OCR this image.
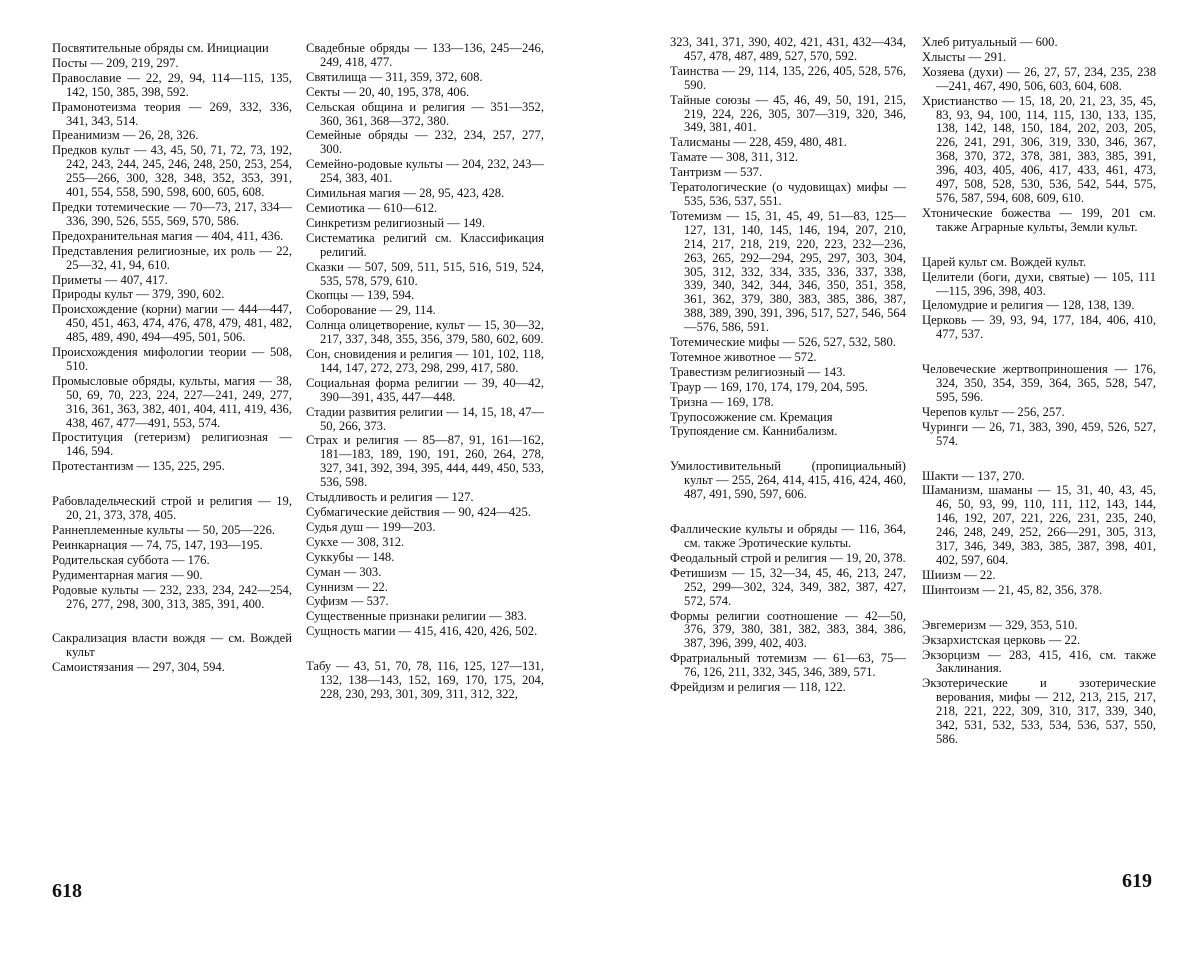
Посвятительные обряды см. Инициации
Посты — 209, 219, 297.
Православие — 22, 29, 94, 114—115, 135, 142, 150, 385, 398, 592.
Прамонотеизма теория — 269, 332, 336, 341, 343, 514.
Преанимизм — 26, 28, 326.
Предков культ — 43, 45, 50, 71, 72, 73, 192, 242, 243, 244, 245, 246, 248, 250, 253, 254, 255—266, 300, 328, 348, 352, 353, 391, 401, 554, 558, 590, 598, 600, 605, 608.
Предки тотемические — 70—73, 217, 334—336, 390, 526, 555, 569, 570, 586.
Предохранительная магия — 404, 411, 436.
Представления религиозные, их роль — 22, 25—32, 41, 94, 610.
Приметы — 407, 417.
Природы культ — 379, 390, 602.
Происхождение (корни) магии — 444—447, 450, 451, 463, 474, 476, 478, 479, 481, 482, 485, 489, 490, 494—495, 501, 506.
Происхождения мифологии теории — 508, 510.
Промысловые обряды, культы, магия — 38, 50, 69, 70, 223, 224, 227—241, 249, 277, 316, 361, 363, 382, 401, 404, 411, 419, 436, 438, 467, 477—491, 553, 574.
Проституция (гетеризм) религиозная — 146, 594.
Протестантизм — 135, 225, 295.
Рабовладельческий строй и религия — 19, 20, 21, 373, 378, 405.
Раннеплеменные культы — 50, 205—226.
Реинкарнация — 74, 75, 147, 193—195.
Родительская суббота — 176.
Рудиментарная магия — 90.
Родовые культы — 232, 233, 234, 242—254, 276, 277, 298, 300, 313, 385, 391, 400.
Сакрализация власти вождя — см. Вождей культ
Самоистязания — 297, 304, 594.
Свадебные обряды — 133—136, 245—246, 249, 418, 477.
Святилища — 311, 359, 372, 608.
Секты — 20, 40, 195, 378, 406.
Сельская община и религия — 351—352, 360, 361, 368—372, 380.
Семейные обряды — 232, 234, 257, 277, 300.
Семейно-родовые культы — 204, 232, 243—254, 383, 401.
Симильная магия — 28, 95, 423, 428.
Семиотика — 610—612.
Синкретизм религиозный — 149.
Систематика религий см. Классификация религий.
Сказки — 507, 509, 511, 515, 516, 519, 524, 535, 578, 579, 610.
Скопцы — 139, 594.
Соборование — 29, 114.
Солнца олицетворение, культ — 15, 30—32, 217, 337, 348, 355, 356, 379, 580, 602, 609.
Сон, сновидения и религия — 101, 102, 118, 144, 147, 272, 273, 298, 299, 417, 580.
Социальная форма религии — 39, 40—42, 390—391, 435, 447—448.
Стадии развития религии — 14, 15, 18, 47—50, 266, 373.
Страх и религия — 85—87, 91, 161—162, 181—183, 189, 190, 191, 260, 264, 278, 327, 341, 392, 394, 395, 444, 449, 450, 533, 536, 598.
Стыдливость и религия — 127.
Субмагические действия — 90, 424—425.
Судья душ — 199—203.
Сукхе — 308, 312.
Суккубы — 148.
Суман — 303.
Суннизм — 22.
Суфизм — 537.
Существенные признаки религии — 383.
Сущность магии — 415, 416, 420, 426, 502.
Табу — 43, 51, 70, 78, 116, 125, 127—131, 132, 138—143, 152, 169, 170, 175, 204, 228, 230, 293, 301, 309, 311, 312, 322,
618
323, 341, 371, 390, 402, 421, 431, 432—434, 457, 478, 487, 489, 527, 570, 592.
Таинства — 29, 114, 135, 226, 405, 528, 576, 590.
Тайные союзы — 45, 46, 49, 50, 191, 215, 219, 224, 226, 305, 307—319, 320, 346, 349, 381, 401.
Талисманы — 228, 459, 480, 481.
Тамате — 308, 311, 312.
Тантризм — 537.
Тератологические (о чудовищах) мифы — 535, 536, 537, 551.
Тотемизм — 15, 31, 45, 49, 51—83, 125—127, 131, 140, 145, 146, 194, 207, 210, 214, 217, 218, 219, 220, 223, 232—236, 263, 265, 292—294, 295, 297, 303, 304, 305, 312, 332, 334, 335, 336, 337, 338, 339, 340, 342, 344, 346, 350, 351, 358, 361, 362, 379, 380, 383, 385, 386, 387, 388, 389, 390, 391, 396, 517, 527, 546, 564—576, 586, 591.
Тотемические мифы — 526, 527, 532, 580.
Тотемное животное — 572.
Травестизм религиозный — 143.
Траур — 169, 170, 174, 179, 204, 595.
Тризна — 169, 178.
Трупосожжение см. Кремация
Трупоядение см. Каннибализм.
Умилостивительный (пропициальный) культ — 255, 264, 414, 415, 416, 424, 460, 487, 491, 590, 597, 606.
Фаллические культы и обряды — 116, 364, см. также Эротические культы.
Феодальный строй и религия — 19, 20, 378.
Фетишизм — 15, 32—34, 45, 46, 213, 247, 252, 299—302, 324, 349, 382, 387, 427, 572, 574.
Формы религии соотношение — 42—50, 376, 379, 380, 381, 382, 383, 384, 386, 387, 396, 399, 402, 403.
Фратриальный тотемизм — 61—63, 75—76, 126, 211, 332, 345, 346, 389, 571.
Фрейдизм и религия — 118, 122.
Хлеб ритуальный — 600.
Хлысты — 291.
Хозяева (духи) — 26, 27, 57, 234, 235, 238—241, 467, 490, 506, 603, 604, 608.
Христианство — 15, 18, 20, 21, 23, 35, 45, 83, 93, 94, 100, 114, 115, 130, 133, 135, 138, 142, 148, 150, 184, 202, 203, 205, 226, 241, 291, 306, 319, 330, 346, 367, 368, 370, 372, 378, 381, 383, 385, 391, 396, 403, 405, 406, 417, 433, 461, 473, 497, 508, 528, 530, 536, 542, 544, 575, 576, 587, 594, 608, 609, 610.
Хтонические божества — 199, 201 см. также Аграрные культы, Земли культ.
Царей культ см. Вождей культ.
Целители (боги, духи, святые) — 105, 111—115, 396, 398, 403.
Целомудрие и религия — 128, 138, 139.
Церковь — 39, 93, 94, 177, 184, 406, 410, 477, 537.
Человеческие жертвоприношения — 176, 324, 350, 354, 359, 364, 365, 528, 547, 595, 596.
Черепов культ — 256, 257.
Чуринги — 26, 71, 383, 390, 459, 526, 527, 574.
Шакти — 137, 270.
Шаманизм, шаманы — 15, 31, 40, 43, 45, 46, 50, 93, 99, 110, 111, 112, 143, 144, 146, 192, 207, 221, 226, 231, 235, 240, 246, 248, 249, 252, 266—291, 305, 313, 317, 346, 349, 383, 385, 387, 398, 401, 402, 597, 604.
Шиизм — 22.
Шинтоизм — 21, 45, 82, 356, 378.
Эвгемеризм — 329, 353, 510.
Экзархистская церковь — 22.
Экзорцизм — 283, 415, 416, см. также Заклинания.
Экзотерические и эзотерические верования, мифы — 212, 213, 215, 217, 218, 221, 222, 309, 310, 317, 339, 340, 342, 531, 532, 533, 534, 536, 537, 550, 586.
619
